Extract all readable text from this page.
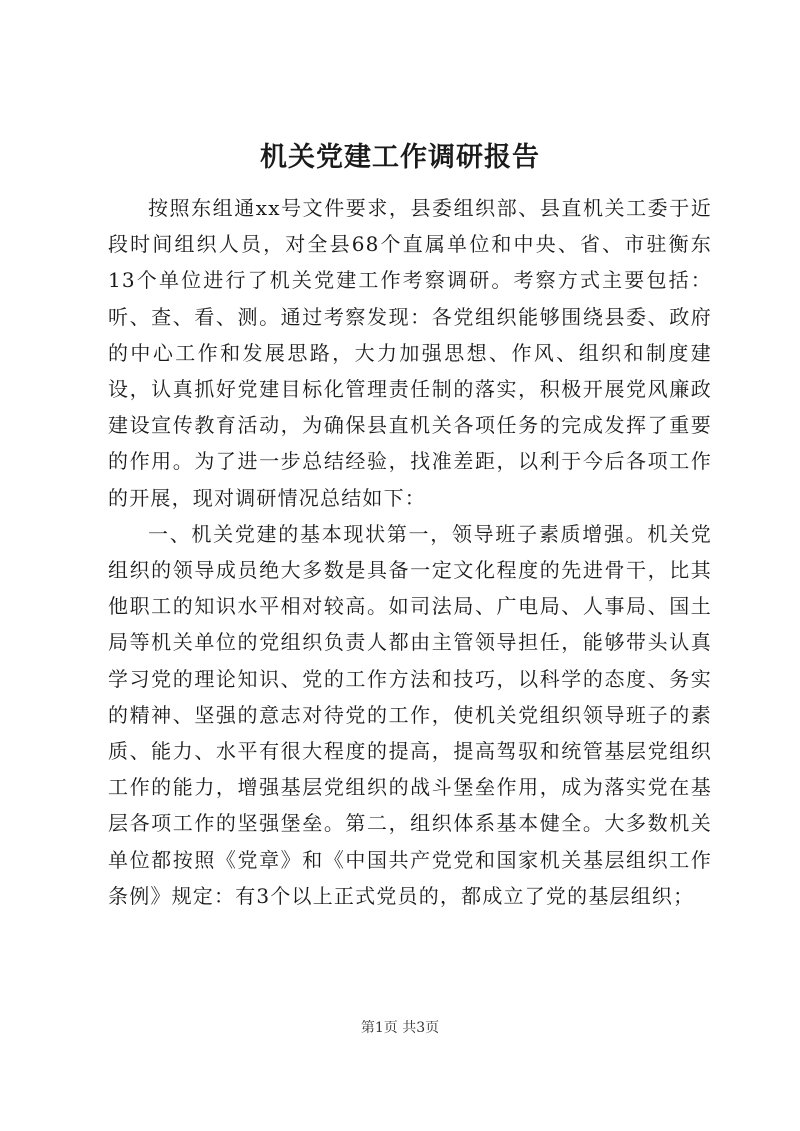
机关党建工作调研报告

按照东组通xx号文件要求，县委组织部、县直机关工委于近段时间组织人员，对全县68个直属单位和中央、省、市驻衡东13个单位进行了机关党建工作考察调研。考察方式主要包括：听、查、看、测。通过考察发现：各党组织能够围绕县委、政府的中心工作和发展思路，大力加强思想、作风、组织和制度建设，认真抓好党建目标化管理责任制的落实，积极开展党风廉政建设宣传教育活动，为确保县直机关各项任务的完成发挥了重要的作用。为了进一步总结经验，找准差距，以利于今后各项工作的开展，现对调研情况总结如下：

一、机关党建的基本现状第一，领导班子素质增强。机关党组织的领导成员绝大多数是具备一定文化程度的先进骨干，比其他职工的知识水平相对较高。如司法局、广电局、人事局、国土局等机关单位的党组织负责人都由主管领导担任，能够带头认真学习党的理论知识、党的工作方法和技巧，以科学的态度、务实的精神、坚强的意志对待党的工作，使机关党组织领导班子的素质、能力、水平有很大程度的提高，提高驾驭和统管基层党组织工作的能力，增强基层党组织的战斗堡垒作用，成为落实党在基层各项工作的坚强堡垒。第二，组织体系基本健全。大多数机关单位都按照《党章》和《中国共产党党和国家机关基层组织工作条例》规定：有3个以上正式党员的，都成立了党的基层组织；

第1页 共3页
